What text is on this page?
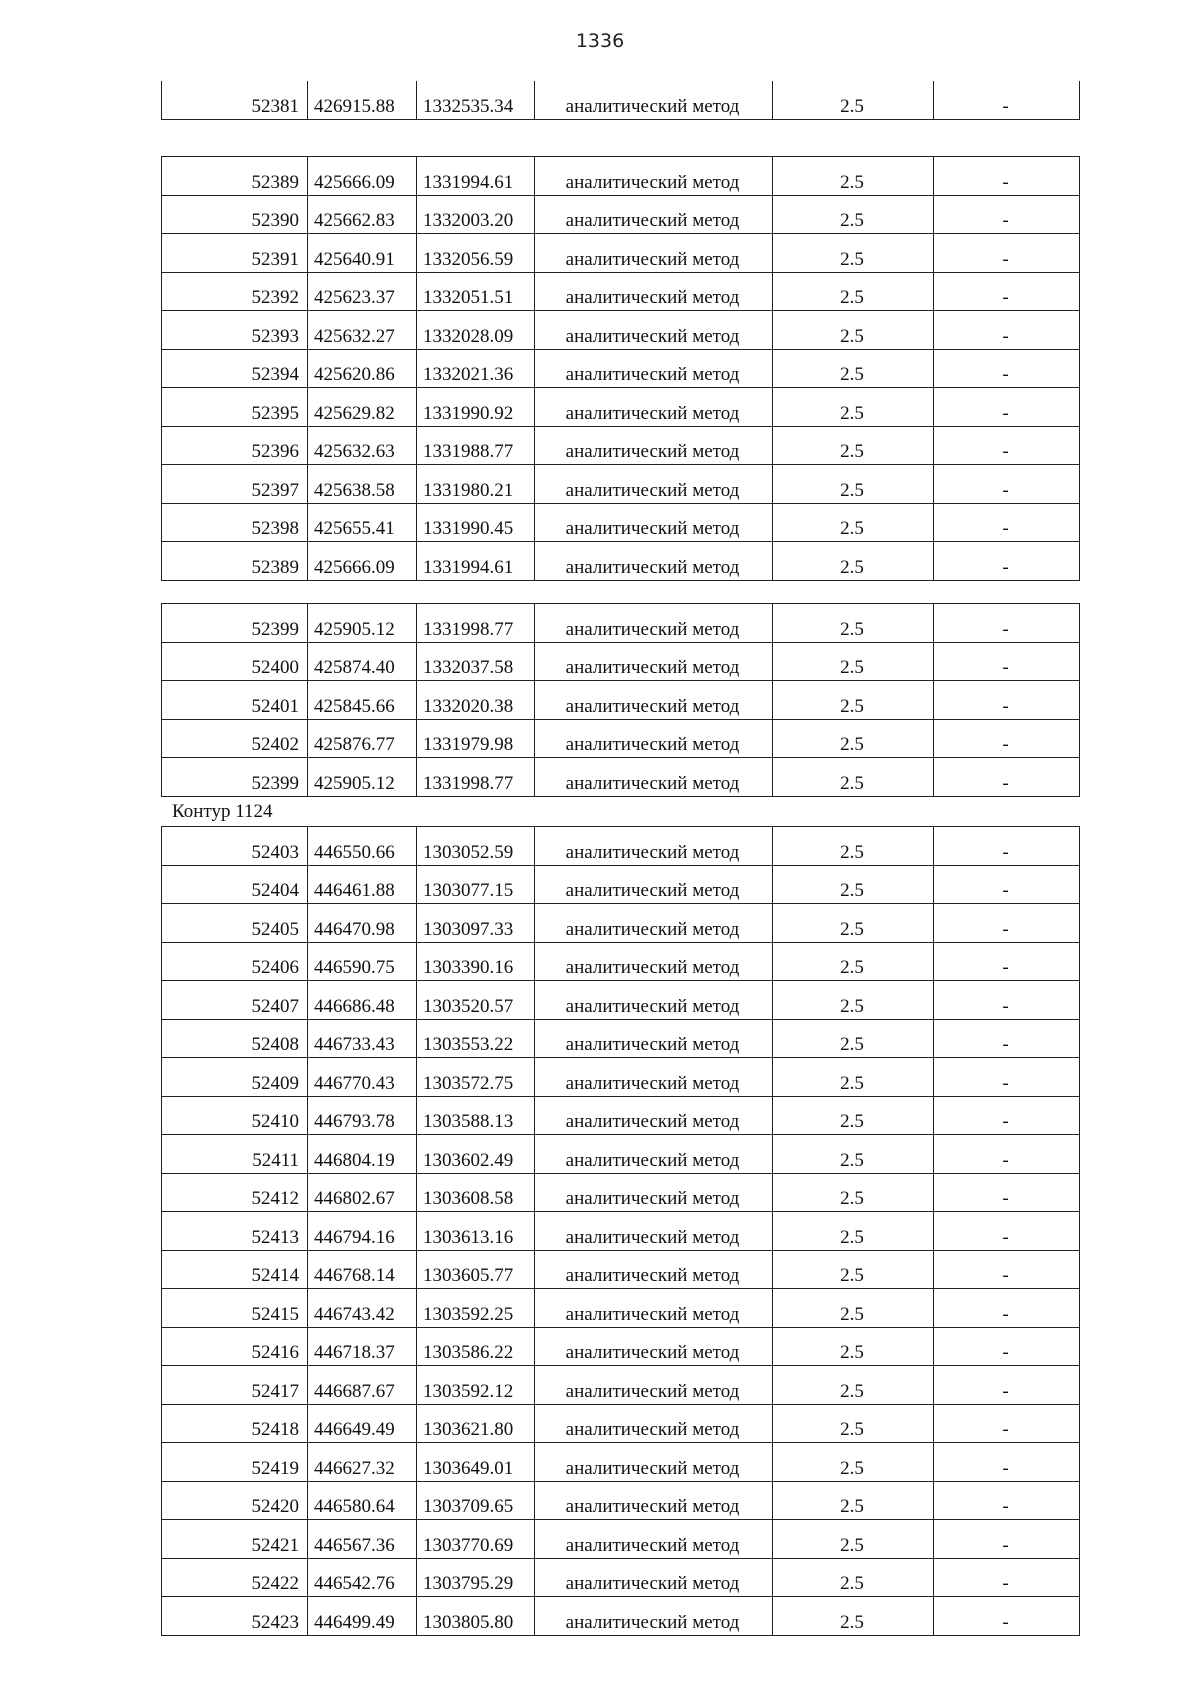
1336
52381	426915.88	1332535.34	аналитический метод	2.5	-
52389	425666.09	1331994.61	аналитический метод	2.5	-
52390	425662.83	1332003.20	аналитический метод	2.5	-
52391	425640.91	1332056.59	аналитический метод	2.5	-
52392	425623.37	1332051.51	аналитический метод	2.5	-
52393	425632.27	1332028.09	аналитический метод	2.5	-
52394	425620.86	1332021.36	аналитический метод	2.5	-
52395	425629.82	1331990.92	аналитический метод	2.5	-
52396	425632.63	1331988.77	аналитический метод	2.5	-
52397	425638.58	1331980.21	аналитический метод	2.5	-
52398	425655.41	1331990.45	аналитический метод	2.5	-
52389	425666.09	1331994.61	аналитический метод	2.5	-
52399	425905.12	1331998.77	аналитический метод	2.5	-
52400	425874.40	1332037.58	аналитический метод	2.5	-
52401	425845.66	1332020.38	аналитический метод	2.5	-
52402	425876.77	1331979.98	аналитический метод	2.5	-
52399	425905.12	1331998.77	аналитический метод	2.5	-
Контур 1124
52403	446550.66	1303052.59	аналитический метод	2.5	-
52404	446461.88	1303077.15	аналитический метод	2.5	-
52405	446470.98	1303097.33	аналитический метод	2.5	-
52406	446590.75	1303390.16	аналитический метод	2.5	-
52407	446686.48	1303520.57	аналитический метод	2.5	-
52408	446733.43	1303553.22	аналитический метод	2.5	-
52409	446770.43	1303572.75	аналитический метод	2.5	-
52410	446793.78	1303588.13	аналитический метод	2.5	-
52411	446804.19	1303602.49	аналитический метод	2.5	-
52412	446802.67	1303608.58	аналитический метод	2.5	-
52413	446794.16	1303613.16	аналитический метод	2.5	-
52414	446768.14	1303605.77	аналитический метод	2.5	-
52415	446743.42	1303592.25	аналитический метод	2.5	-
52416	446718.37	1303586.22	аналитический метод	2.5	-
52417	446687.67	1303592.12	аналитический метод	2.5	-
52418	446649.49	1303621.80	аналитический метод	2.5	-
52419	446627.32	1303649.01	аналитический метод	2.5	-
52420	446580.64	1303709.65	аналитический метод	2.5	-
52421	446567.36	1303770.69	аналитический метод	2.5	-
52422	446542.76	1303795.29	аналитический метод	2.5	-
52423	446499.49	1303805.80	аналитический метод	2.5	-
